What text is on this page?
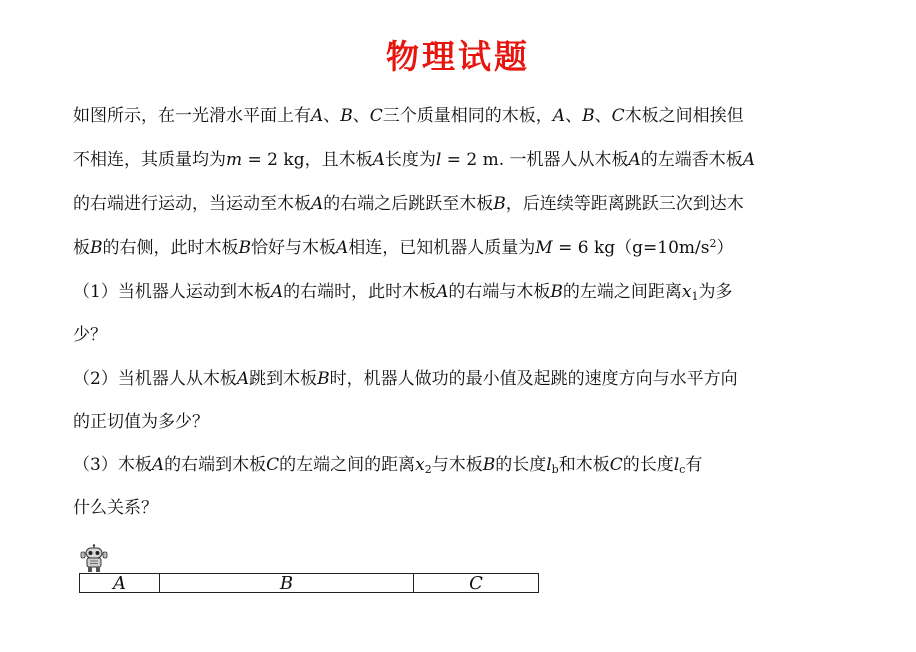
物理试题
如图所示，在一光滑水平面上有A、B、C三个质量相同的木板，A、B、C木板之间相挨但
不相连，其质量均为m = 2 kg，且木板A长度为l = 2 m. 一机器人从木板A的左端香木板A
的右端进行运动，当运动至木板A的右端之后跳跃至木板B，后连续等距离跳跃三次到达木
板B的右侧，此时木板B恰好与木板A相连，已知机器人质量为M = 6 $kg(g=10m/s^2)$
（1）当机器人运动到木板A的右端时，此时木板A的右端与木板B的左端之间距离$x_1$为多
少？
（2）当机器人从木板A跳到木板B时，机器人做功的最小值及起跳的速度方向与水平方向
的正切值为多少？
（3）木板A的右端到木板C的左端之间的距离$x_2$与木板B的长度$l_b$和木板C的长度$l_c$有
什么关系？
A	B	C
